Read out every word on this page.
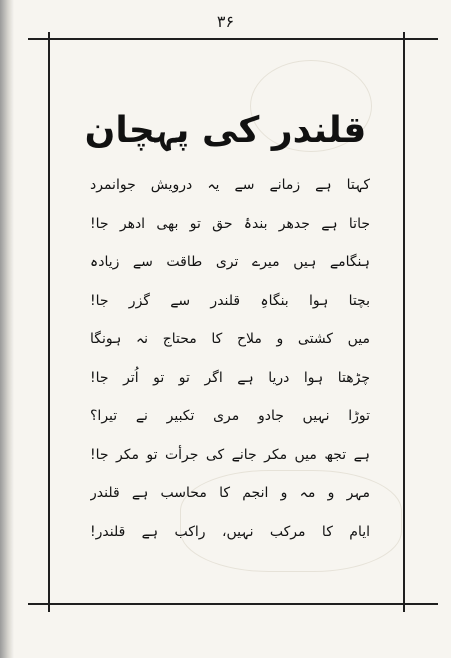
۳۶
قلندر کی پہچان
کہتا ہے زمانے سے یہ درویش جوانمرد
جاتا ہے جدھر بندۂ حق تو بھی ادھر جا!
ہنگامے ہیں میرے تری طاقت سے زیادہ
بچتا ہوا بنگاہِ قلندر سے گزر جا!
میں کشتی و ملاح کا محتاج نہ ہونگا
چڑھتا ہوا دریا ہے اگر تو تو اُتر جا!
توڑا نہیں جادو مری تکبیر نے تیرا؟
ہے تجھ میں مکر جانے کی جرأت تو مکر جا!
مہر و مہ و انجم کا محاسب ہے قلندر
ایام کا مرکب نہیں، راکب ہے قلندر!
